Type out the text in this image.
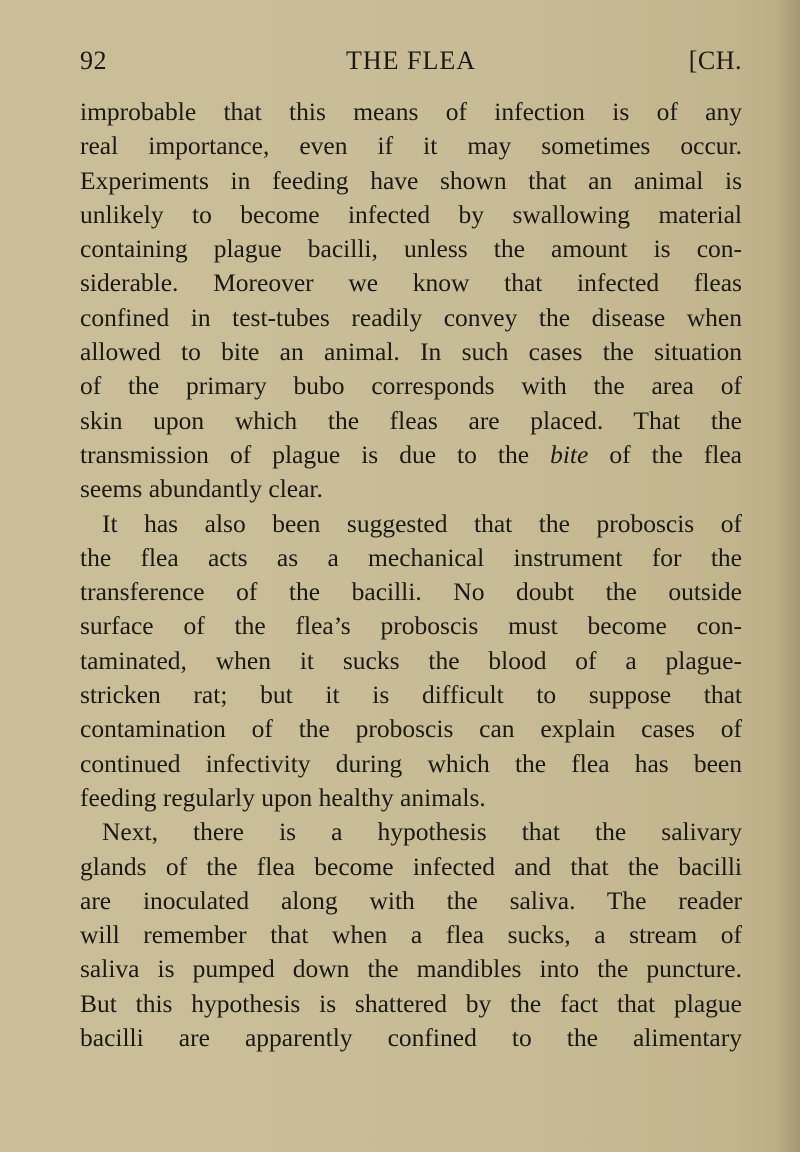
92	THE FLEA	[CH.
improbable that this means of infection is of any
real importance, even if it may sometimes occur.
Experiments in feeding have shown that an animal is
unlikely to become infected by swallowing material
containing plague bacilli, unless the amount is con-
siderable. Moreover we know that infected fleas
confined in test-tubes readily convey the disease when
allowed to bite an animal. In such cases the situation
of the primary bubo corresponds with the area of
skin upon which the fleas are placed. That the
transmission of plague is due to the bite of the flea
seems abundantly clear.
It has also been suggested that the proboscis of
the flea acts as a mechanical instrument for the
transference of the bacilli. No doubt the outside
surface of the flea’s proboscis must become con-
taminated, when it sucks the blood of a plague-
stricken rat; but it is difficult to suppose that
contamination of the proboscis can explain cases of
continued infectivity during which the flea has been
feeding regularly upon healthy animals.
Next, there is a hypothesis that the salivary
glands of the flea become infected and that the bacilli
are inoculated along with the saliva. The reader
will remember that when a flea sucks, a stream of
saliva is pumped down the mandibles into the puncture.
But this hypothesis is shattered by the fact that plague
bacilli are apparently confined to the alimentary
